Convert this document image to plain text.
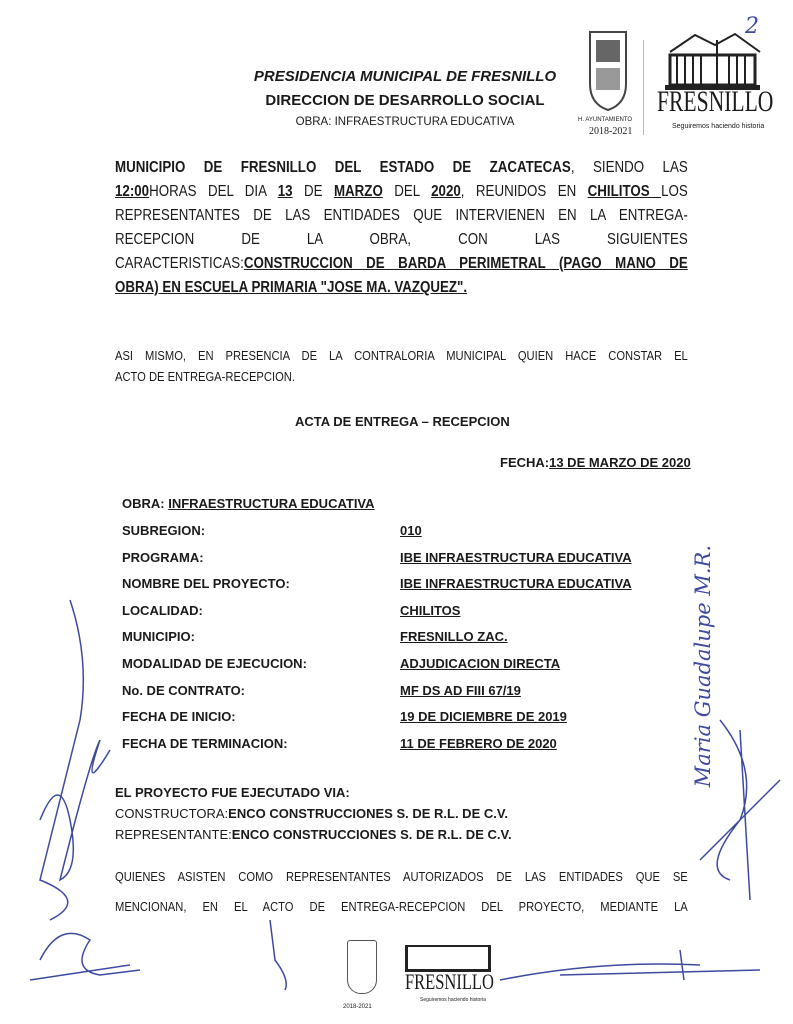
2
H. AYUNTAMIENTO
2018-2021
FRESNILLO
Seguiremos haciendo historia
PRESIDENCIA MUNICIPAL DE FRESNILLO
DIRECCION DE DESARROLLO SOCIAL
OBRA: INFRAESTRUCTURA EDUCATIVA
MUNICIPIO DE FRESNILLO DEL ESTADO DE ZACATECAS, SIENDO LAS
12:00HORAS DEL DIA 13 DE MARZO DEL 2020, REUNIDOS EN CHILITOS LOS
REPRESENTANTES DE LAS ENTIDADES QUE INTERVIENEN EN LA ENTREGA-
RECEPCION DE LA OBRA, CON LAS SIGUIENTES
CARACTERISTICAS:CONSTRUCCION DE BARDA PERIMETRAL (PAGO MANO DE
OBRA) EN ESCUELA PRIMARIA "JOSE MA. VAZQUEZ".
ASI MISMO, EN PRESENCIA DE LA CONTRALORIA MUNICIPAL QUIEN HACE CONSTAR EL
ACTO DE ENTREGA-RECEPCION.
ACTA DE ENTREGA – RECEPCION
FECHA:13 DE MARZO DE 2020
OBRA: INFRAESTRUCTURA EDUCATIVA
SUBREGION:	010
PROGRAMA:	IBE INFRAESTRUCTURA EDUCATIVA
NOMBRE DEL PROYECTO:	IBE INFRAESTRUCTURA EDUCATIVA
LOCALIDAD:	CHILITOS
MUNICIPIO:	FRESNILLO ZAC.
MODALIDAD DE EJECUCION:	ADJUDICACION DIRECTA
No. DE CONTRATO:	MF DS AD FIII 67/19
FECHA DE INICIO:	19 DE DICIEMBRE DE 2019
FECHA DE TERMINACION:	11 DE FEBRERO DE 2020
EL PROYECTO FUE EJECUTADO VIA:
CONSTRUCTORA:ENCO CONSTRUCCIONES S. DE R.L. DE C.V.
REPRESENTANTE:ENCO CONSTRUCCIONES S. DE R.L. DE C.V.
QUIENES ASISTEN COMO REPRESENTANTES AUTORIZADOS DE LAS ENTIDADES QUE SE
MENCIONAN, EN EL ACTO DE ENTREGA-RECEPCION DEL PROYECTO, MEDIANTE LA
Maria Guadalupe M.R.
2018-2021
FRESNILLO
Seguiremos haciendo historia
